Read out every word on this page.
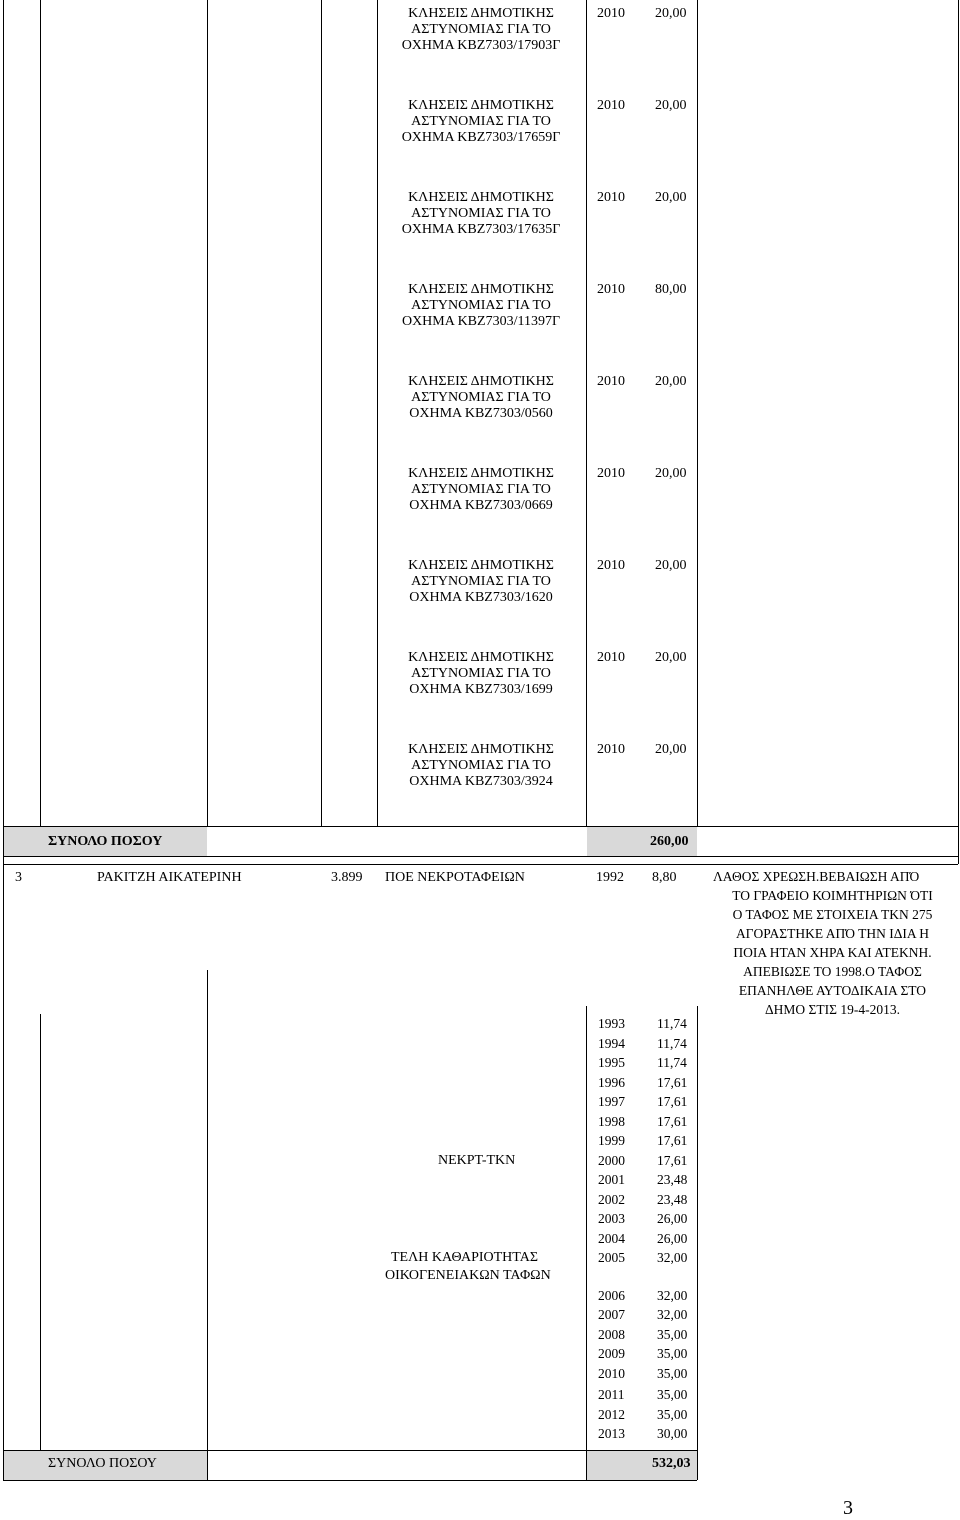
ΚΛΗΣΕΙΣ ΔΗΜΟΤΙΚΗΣ
ΑΣΤΥΝΟΜΙΑΣ ΓΙΑ ΤΟ
ΟΧΗΜΑ ΚΒΖ7303/17903Γ
2010 20,00
ΚΛΗΣΕΙΣ ΔΗΜΟΤΙΚΗΣ
ΑΣΤΥΝΟΜΙΑΣ ΓΙΑ ΤΟ
ΟΧΗΜΑ ΚΒΖ7303/17659Γ
2010 20,00
ΚΛΗΣΕΙΣ ΔΗΜΟΤΙΚΗΣ
ΑΣΤΥΝΟΜΙΑΣ ΓΙΑ ΤΟ
ΟΧΗΜΑ ΚΒΖ7303/17635Γ
2010 20,00
ΚΛΗΣΕΙΣ ΔΗΜΟΤΙΚΗΣ
ΑΣΤΥΝΟΜΙΑΣ ΓΙΑ ΤΟ
ΟΧΗΜΑ ΚΒΖ7303/11397Γ
2010 80,00
ΚΛΗΣΕΙΣ ΔΗΜΟΤΙΚΗΣ
ΑΣΤΥΝΟΜΙΑΣ ΓΙΑ ΤΟ
ΟΧΗΜΑ ΚΒΖ7303/0560
2010 20,00
ΚΛΗΣΕΙΣ ΔΗΜΟΤΙΚΗΣ
ΑΣΤΥΝΟΜΙΑΣ ΓΙΑ ΤΟ
ΟΧΗΜΑ ΚΒΖ7303/0669
2010 20,00
ΚΛΗΣΕΙΣ ΔΗΜΟΤΙΚΗΣ
ΑΣΤΥΝΟΜΙΑΣ ΓΙΑ ΤΟ
ΟΧΗΜΑ ΚΒΖ7303/1620
2010 20,00
ΚΛΗΣΕΙΣ ΔΗΜΟΤΙΚΗΣ
ΑΣΤΥΝΟΜΙΑΣ ΓΙΑ ΤΟ
ΟΧΗΜΑ ΚΒΖ7303/1699
2010 20,00
ΚΛΗΣΕΙΣ ΔΗΜΟΤΙΚΗΣ
ΑΣΤΥΝΟΜΙΑΣ ΓΙΑ ΤΟ
ΟΧΗΜΑ ΚΒΖ7303/3924
2010 20,00
ΣΥΝΟΛΟ ΠΟΣΟΥ	260,00
3	ΡΑΚΙΤΖΗ ΑΙΚΑΤΕΡΙΝΗ	3.899 ΠΟΕ ΝΕΚΡΟΤΑΦΕΙΩΝ	1992 8,80	ΛΑΘΟΣ ΧΡΕΩΣΗ.ΒΕΒΑΙΩΣΗ ΑΠΌ
ΤΟ ΓΡΑΦΕΙΟ ΚΟΙΜΗΤΗΡΙΩΝ ΌΤΙ
Ο ΤΑΦΟΣ ΜΕ ΣΤΟΙΧΕΙΑ ΤΚΝ 275
ΑΓΟΡΑΣΤΗΚΕ ΑΠΌ ΤΗΝ ΙΔΙΑ Η
ΠΟΙΑ ΗΤΑΝ ΧΗΡΑ ΚΑΙ ΑΤΕΚΝΗ.
ΑΠΕΒΙΩΣΕ ΤΟ 1998.Ο ΤΑΦΟΣ
ΕΠΑΝΗΛΘΕ ΑΥΤΟΔΙΚΑΙΑ ΣΤΟ
ΔΗΜΟ ΣΤΙΣ 19-4-2013.
ΝΕΚΡΤ-ΤΚΝ
ΤΕΛΗ ΚΑΘΑΡΙΟΤΗΤΑΣ
ΟΙΚΟΓΕΝΕΙΑΚΩΝ ΤΑΦΩΝ
1993 11,74
1994 11,74
1995 11,74
1996 17,61
1997 17,61
1998 17,61
1999 17,61
2000 17,61
2001 23,48
2002 23,48
2003 26,00
2004 26,00
2005 32,00
2006 32,00
2007 32,00
2008 35,00
2009 35,00
2010 35,00
2011 35,00
2012 35,00
2013 30,00
ΣΥΝΟΛΟ ΠΟΣΟΥ	532,03
3
